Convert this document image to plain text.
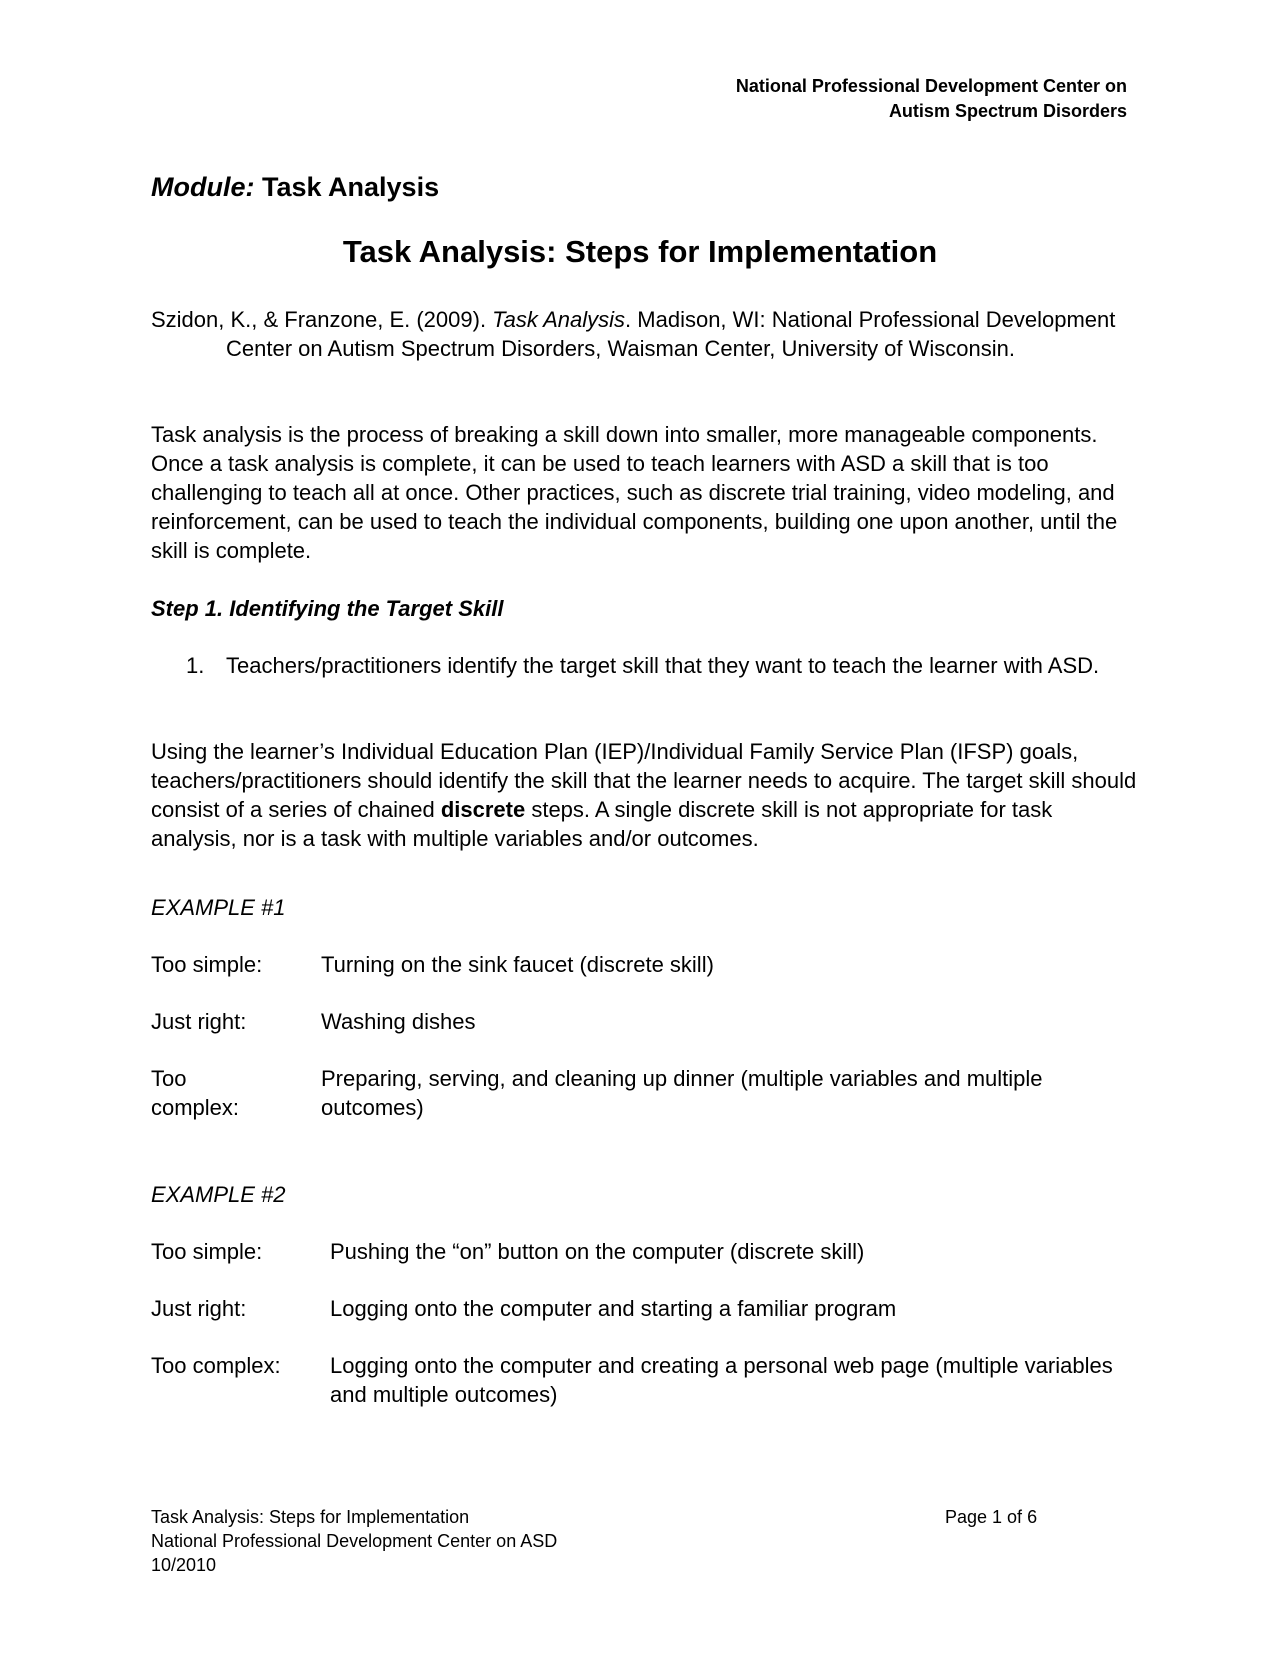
National Professional Development Center on
Autism Spectrum Disorders
Module: Task Analysis
Task Analysis: Steps for Implementation
Szidon, K., & Franzone, E. (2009). Task Analysis. Madison, WI: National Professional Development Center on Autism Spectrum Disorders, Waisman Center, University of Wisconsin.
Task analysis is the process of breaking a skill down into smaller, more manageable components. Once a task analysis is complete, it can be used to teach learners with ASD a skill that is too challenging to teach all at once. Other practices, such as discrete trial training, video modeling, and reinforcement, can be used to teach the individual components, building one upon another, until the skill is complete.
Step 1. Identifying the Target Skill
1. Teachers/practitioners identify the target skill that they want to teach the learner with ASD.
Using the learner’s Individual Education Plan (IEP)/Individual Family Service Plan (IFSP) goals, teachers/practitioners should identify the skill that the learner needs to acquire. The target skill should consist of a series of chained discrete steps. A single discrete skill is not appropriate for task analysis, nor is a task with multiple variables and/or outcomes.
EXAMPLE #1
Too simple:	Turning on the sink faucet (discrete skill)
Just right:	Washing dishes
Too complex:
Preparing, serving, and cleaning up dinner (multiple variables and multiple outcomes)
EXAMPLE #2
Too simple:	Pushing the “on” button on the computer (discrete skill)
Just right:	Logging onto the computer and starting a familiar program
Too complex:	Logging onto the computer and creating a personal web page (multiple variables and multiple outcomes)
Task Analysis: Steps for Implementation
National Professional Development Center on ASD
10/2010
Page 1 of 6
